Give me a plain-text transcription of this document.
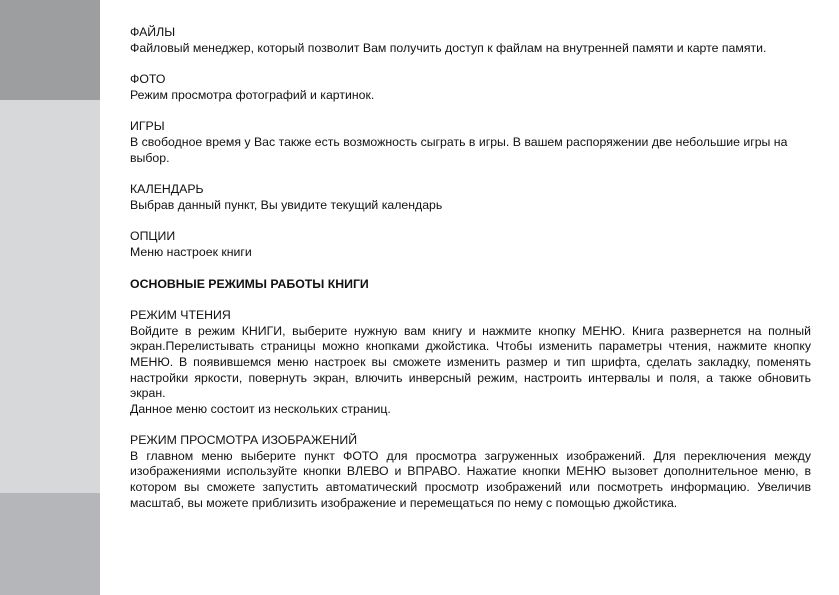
ФАЙЛЫ

Файловый менеджер, который позволит Вам получить доступ к файлам на внутренней памяти и карте памяти.

ФОТО

Режим просмотра фотографий и картинок.

ИГРЫ

В свободное время у Вас также есть возможность сыграть в игры. В вашем распоряжении две небольшие игры на выбор.

КАЛЕНДАРЬ

Выбрав данный пункт, Вы увидите текущий календарь

ОПЦИИ

Меню настроек книги

ОСНОВНЫЕ РЕЖИМЫ РАБОТЫ КНИГИ

РЕЖИМ ЧТЕНИЯ

Войдите в режим КНИГИ, выберите нужную вам книгу и нажмите кнопку МЕНЮ. Книга развернется на полный экран.Перелистывать страницы можно кнопками джойстика. Чтобы изменить параметры чтения, нажмите кнопку МЕНЮ. В появившемся меню настроек вы сможете изменить размер и тип шрифта, сделать закладку, поменять настройки яркости, повернуть экран, влючить инверсный режим, настроить интервалы и поля, а также обновить экран.

Данное меню состоит из нескольких страниц.

РЕЖИМ ПРОСМОТРА ИЗОБРАЖЕНИЙ

В главном меню выберите пункт ФОТО для просмотра загруженных изображений. Для переключения между изображениями используйте кнопки ВЛЕВО и ВПРАВО. Нажатие кнопки МЕНЮ вызовет дополнительное меню, в котором вы сможете запустить автоматический просмотр изображений или посмотреть информацию. Увеличив масштаб, вы можете приблизить изображение и перемещаться по нему с помощью джойстика.
